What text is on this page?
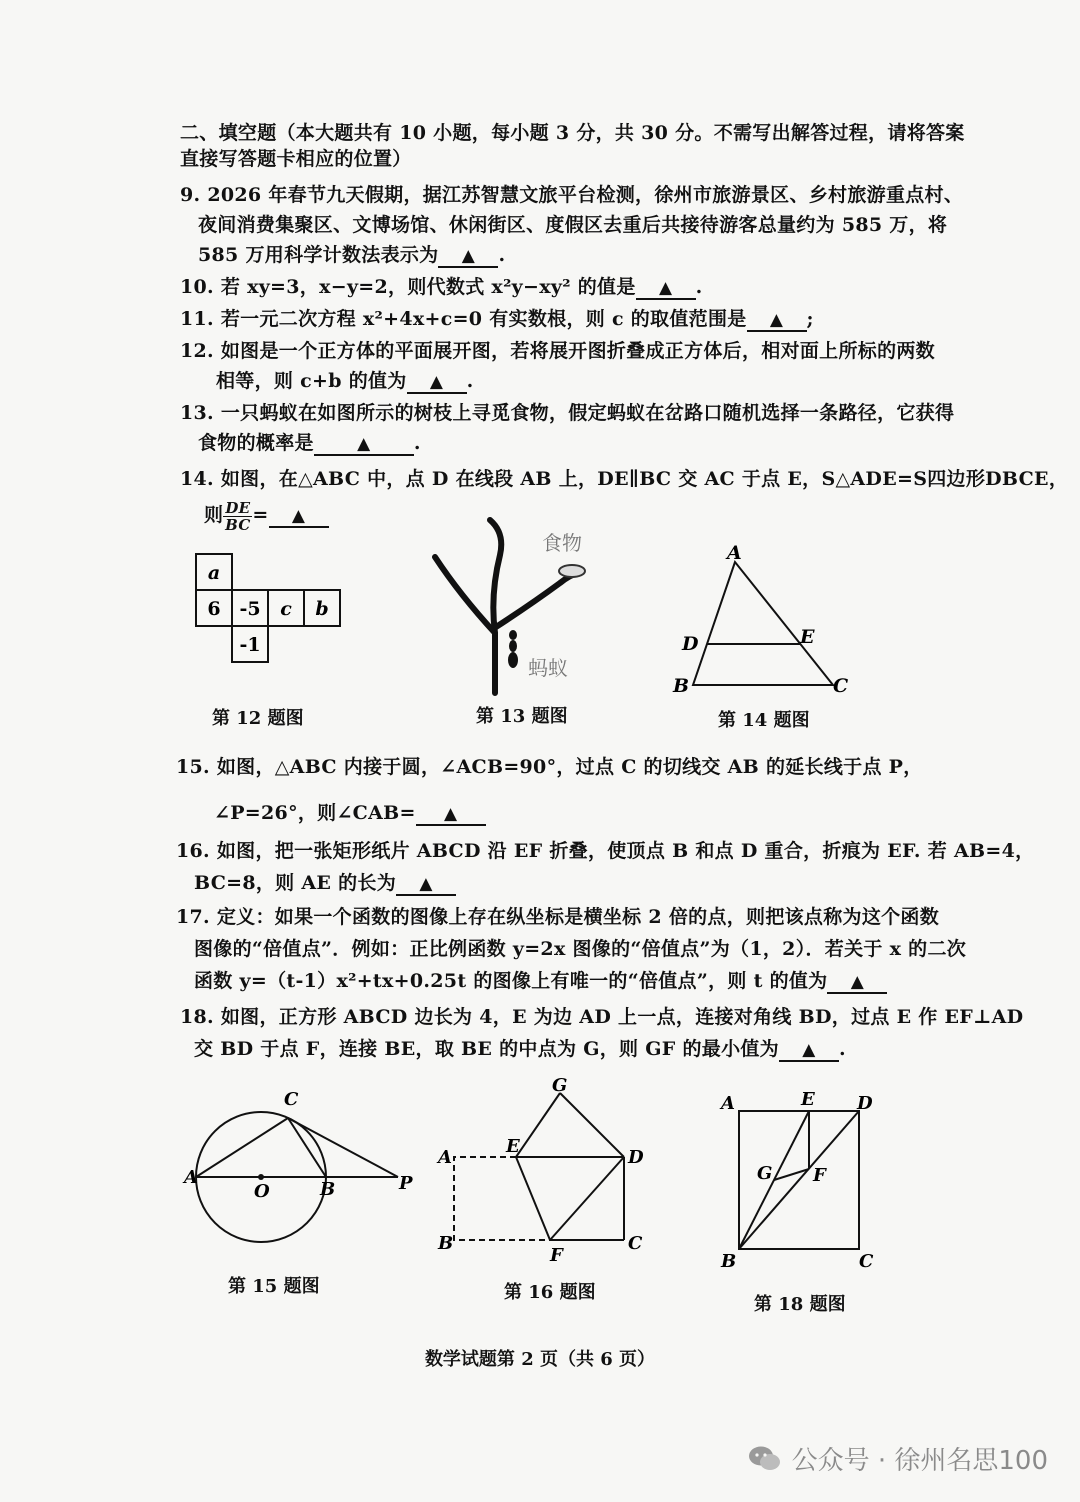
二、填空题（本大题共有 10 小题，每小题 3 分，共 30 分。不需写出解答过程，请将答案
直接写答题卡相应的位置）
9. 2026 年春节九天假期，据江苏智慧文旅平台检测，徐州市旅游景区、乡村旅游重点村、
夜间消费集聚区、文博场馆、休闲街区、度假区去重后共接待游客总量约为 585 万，将
585 万用科学计数法表示为 ▲ .
10. 若 xy=3，x−y=2，则代数式 x²y−xy² 的值是 ▲ .
11. 若一元二次方程 x²+4x+c=0 有实数根，则 c 的取值范围是 ▲ ;
12. 如图是一个正方体的平面展开图，若将展开图折叠成正方体后，相对面上所标的两数
相等，则 c+b 的值为 ▲ .
13. 一只蚂蚁在如图所示的树枝上寻觅食物，假定蚂蚁在岔路口随机选择一条路径，它获得
食物的概率是	▲ .
14. 如图，在△ABC 中，点 D 在线段 AB 上，DE∥BC 交 AC 于点 E，S△ADE=S四边形DBCE，
则 $\frac{DE}{BC}$ = ▲
a
6 -5 c b
-1
第 12 题图
食物
蚂蚁
第 13 题图
A
D	E
B	C
第 14 题图
15. 如图，△ABC 内接于圆，∠ACB=90°，过点 C 的切线交 AB 的延长线于点 P，
∠P=26°，则∠CAB= ▲
16. 如图，把一张矩形纸片 ABCD 沿 EF 折叠，使顶点 B 和点 D 重合，折痕为 EF. 若 AB=4，
BC=8，则 AE 的长为 ▲
17. 定义：如果一个函数的图像上存在纵坐标是横坐标 2 倍的点，则把该点称为这个函数
图像的“倍值点”．例如：正比例函数 y=2x 图像的“倍值点”为（1，2）．若关于 x 的二次
函数 y=（t-1）x²+tx+0.25t 的图像上有唯一的“倍值点”，则 t 的值为 ▲
18. 如图，正方形 ABCD 边长为 4，E 为边 AD 上一点，连接对角线 BD，过点 E 作 EF⊥AD
交 BD 于点 F，连接 BE，取 BE 的中点为 G，则 GF 的最小值为 ▲ .
C
A
O	B	P
第 15 题图
G
A
E
D
B
F
C
第 16 题图
A	E D
G F
B	C
第 18 题图
数学试题第 2 页（共 6 页）
公众号 · 徐州名思100
